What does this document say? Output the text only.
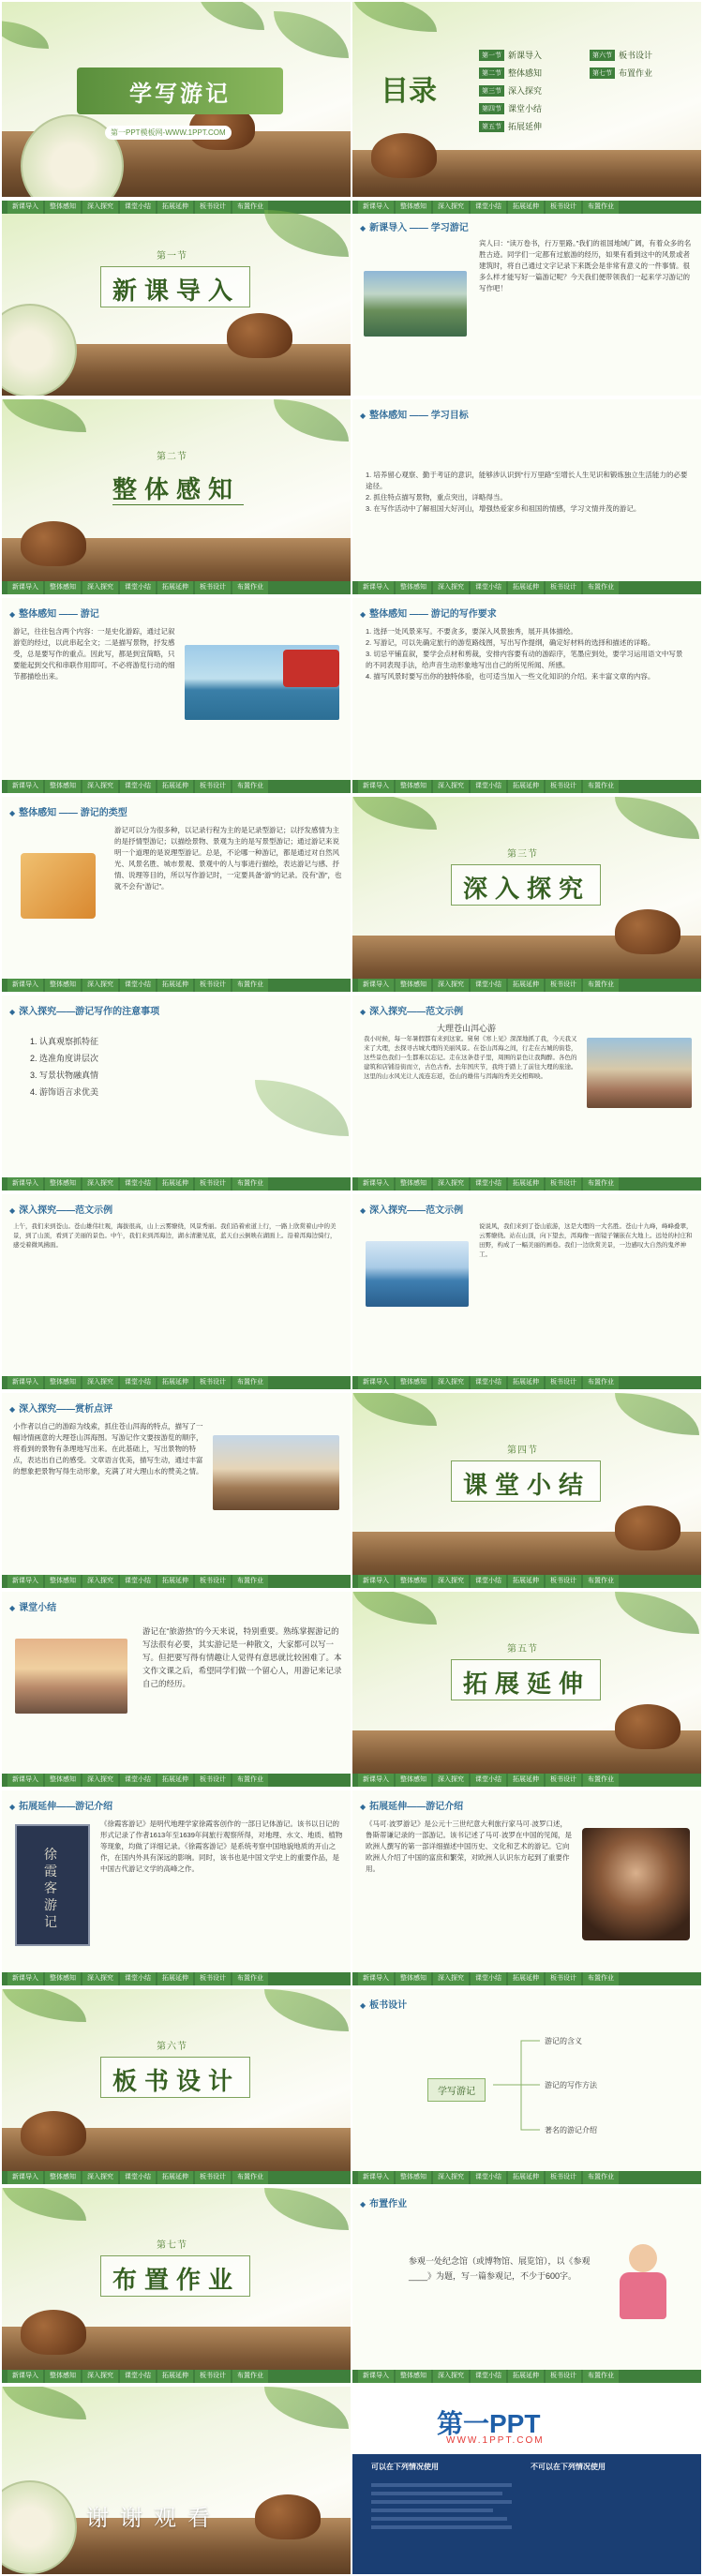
学写游记
第一PPT模板网-WWW.1PPT.COM
目录
第一节 新课导入	第六节 板书设计
第二节 整体感知	第七节 布置作业
第三节 深入探究
第四节 课堂小结
第五节 拓展延伸
新课导入	整体感知	深入探究	课堂小结	拓展延伸	板书设计	布置作业
第一节
新课导入
新课导入	整体感知	深入探究	课堂小结	拓展延伸	板书设计	布置作业
◆ 新课导入 —— 学习游记
宾人曰：“读万卷书，行万里路。”我们的祖国地域广阔，有着众多的名胜古迹。同学们一定都有过旅游的经历，如果有看到这中的风景或者建筑时，将自己通过文字记录下来既会是非常有意义的一件事情。很多么样才能写好一篇游记呢？今天我们便带领我们一起来学习游记的写作吧！
第二节
整体感知
新课导入	整体感知	深入探究	课堂小结	拓展延伸	板书设计	布置作业
◆ 整体感知 —— 学习目标
1. 培养留心观察、勤于考证的意识，能够涉认识到“行万里路”至增长人生见识和锻炼独立生活能力的必要途径。
2. 抓住特点描写景物，重点突出，详略得当。
3. 在写作活动中了解祖国大好河山，增强热爱家乡和祖国的情感，学习文情并茂的游记。
新课导入	整体感知	深入探究	课堂小结	拓展延伸	板书设计	布置作业
◆ 整体感知 —— 游记
游记，往往包含两个内容：一是史化游踪，通过记叙游览的经过，以此串起全文；二是描写景物，抒发感受，总是要写作的重点。因此写，都是到宜简略，只要能起到交代和串联作用即可。不必将游览行动的细节都描绘出来。
新课导入	整体感知	深入探究	课堂小结	拓展延伸	板书设计	布置作业
◆ 整体感知 —— 游记的写作要求
1. 选择一处风景来写。不要贪多，要深入风景独秀，展开具体描绘。
2. 写游记，可以先确定旅行的游览路线图，写出写作提纲，确定好材料的选择和描述的详略。
3. 切忌平铺直叙，要学会点材和剪裁，安排内容要有动的游踪序，笔墨应到处，要学习运用语文中写景的不同表现手法，给声音生动形象地写出自己的所见所闻、所感。
4. 描写风景时要写出你的独特体验，也可适当加入一些文化知识的介绍。来丰富文章的内容。
新课导入	整体感知	深入探究	课堂小结	拓展延伸	板书设计	布置作业
◆ 整体感知 —— 游记的类型
游记可以分为很多种，以记录行程为主的是记录型游记；以抒发感情为主的是抒情型游记；以描绘景物、景观为主的是写景型游记；通过游记来说明一个道理的是说理型游记。总是，不论哪一种游记，都是通过对自然风光、风景名胜、城市景观、景观中的人与事进行描绘，表达游记与感、抒情、说理等目的，所以写作游记时，一定要具备“游”的记录。没有“游”，也就不会有“游记”。
新课导入	整体感知	深入探究	课堂小结	拓展延伸	板书设计	布置作业
第三节
深入探究
新课导入	整体感知	深入探究	课堂小结	拓展延伸	板书设计	布置作业
◆ 深入探究——游记写作的注意事项
1. 认真观察抓特征
2. 选准角度讲层次
3. 写景状物融真情
4. 游饰语言求优美
新课导入	整体感知	深入探究	课堂小结	拓展延伸	板书设计	布置作业
◆ 深入探究——范文示例
大理苍山洱心游
我小时候，每一年暑假都有来到这家。舅舅《寒上见》深深地抓了我，今天我又来了大理，去探寻古城大理的美丽风景。在苍山洱海之间，行走在古城的街巷，这些景色我们一生都难以忘记。走在这条巷子里，周围的景色让我陶醉。各色的建筑和店铺沿街而立，古色古香。去年国庆节，我终于踏上了前往大理的旅途。这里的山水风光让人流连忘返，苍山的雄伟与洱海的秀美交相辉映。
新课导入	整体感知	深入探究	课堂小结	拓展延伸	板书设计	布置作业
◆ 深入探究——范文示例
上午，我们来到苍山。苍山雄伟壮观，海拔很高，山上云雾缭绕，风景秀丽。我们沿着索道上行，一路上欣赏着山中的美景，到了山顶，看到了美丽的景色。中午，我们来到洱海边，湖水清澈见底，蓝天白云倒映在湖面上。沿着洱海边骑行，感受着微风拂面。
新课导入	整体感知	深入探究	课堂小结	拓展延伸	板书设计	布置作业
◆ 深入探究——范文示例
说说风，我们来到了苍山旅游，这是大理的一大名胜。苍山十九峰，峰峰叠翠，云雾缭绕。站在山顶，向下望去，洱海像一面镜子镶嵌在大地上。远处的村庄和田野，构成了一幅美丽的画卷。我们一边欣赏美景，一边感叹大自然的鬼斧神工。
新课导入	整体感知	深入探究	课堂小结	拓展延伸	板书设计	布置作业
◆ 深入探究——赏析点评
小作者以自己的游踪为线索，抓住苍山洱海的特点，描写了一幅诗情画意的大理苍山洱海图。写游记作文要按游览的顺序，将看到的景物有条理地写出来。在此基础上，写出景物的特点，表达出自己的感受。文章语言优美，描写生动，通过丰富的想象把景物写得生动形象，充满了对大理山水的赞美之情。
新课导入	整体感知	深入探究	课堂小结	拓展延伸	板书设计	布置作业
第四节
课堂小结
新课导入	整体感知	深入探究	课堂小结	拓展延伸	板书设计	布置作业
◆ 课堂小结
游记在“旅游热”的今天来说，特别重要。熟练掌握游记的写法很有必要，其实游记是一种散文，大家都可以写一写。但把要写得有情趣让人觉得有意思就比较困难了。本文作文课之后，希望同学们做一个留心人，用游记来记录自己的经历。
新课导入	整体感知	深入探究	课堂小结	拓展延伸	板书设计	布置作业
第五节
拓展延伸
新课导入	整体感知	深入探究	课堂小结	拓展延伸	板书设计	布置作业
◆ 拓展延伸——游记介绍
徐霞客游记
《徐霞客游记》是明代地理学家徐霞客创作的一部日记体游记。该书以日记的形式记录了作者1613年至1639年间旅行观察所得，对地理、水文、地质、植物等现象，均做了详细记录。《徐霞客游记》是系统考察中国地貌地质的开山之作，在国内外具有深远的影响。同时，该书也是中国文学史上的重要作品，是中国古代游记文学的高峰之作。
新课导入	整体感知	深入探究	课堂小结	拓展延伸	板书设计	布置作业
◆ 拓展延伸——游记介绍
《马可·波罗游记》是公元十三世纪意大利旅行家马可·波罗口述，鲁斯蒂谦记录的一部游记。该书记述了马可·波罗在中国的见闻，是欧洲人撰写的第一部详细描述中国历史、文化和艺术的游记。它向欧洲人介绍了中国的富庶和繁荣，对欧洲人认识东方起到了重要作用。
新课导入	整体感知	深入探究	课堂小结	拓展延伸	板书设计	布置作业
第六节
板书设计
新课导入	整体感知	深入探究	课堂小结	拓展延伸	板书设计	布置作业
◆ 板书设计
学写游记
游记的含义
游记的写作方法
著名的游记介绍
新课导入	整体感知	深入探究	课堂小结	拓展延伸	板书设计	布置作业
第七节
布置作业
新课导入	整体感知	深入探究	课堂小结	拓展延伸	板书设计	布置作业
◆ 布置作业
参观一处纪念馆（或博物馆、展览馆），以《参观____》为题，写一篇参观记，不少于600字。
新课导入	整体感知	深入探究	课堂小结	拓展延伸	板书设计	布置作业
谢谢观看
第一PPT
WWW.1PPT.COM
可以在下列情况使用	不可以在下列情况使用
